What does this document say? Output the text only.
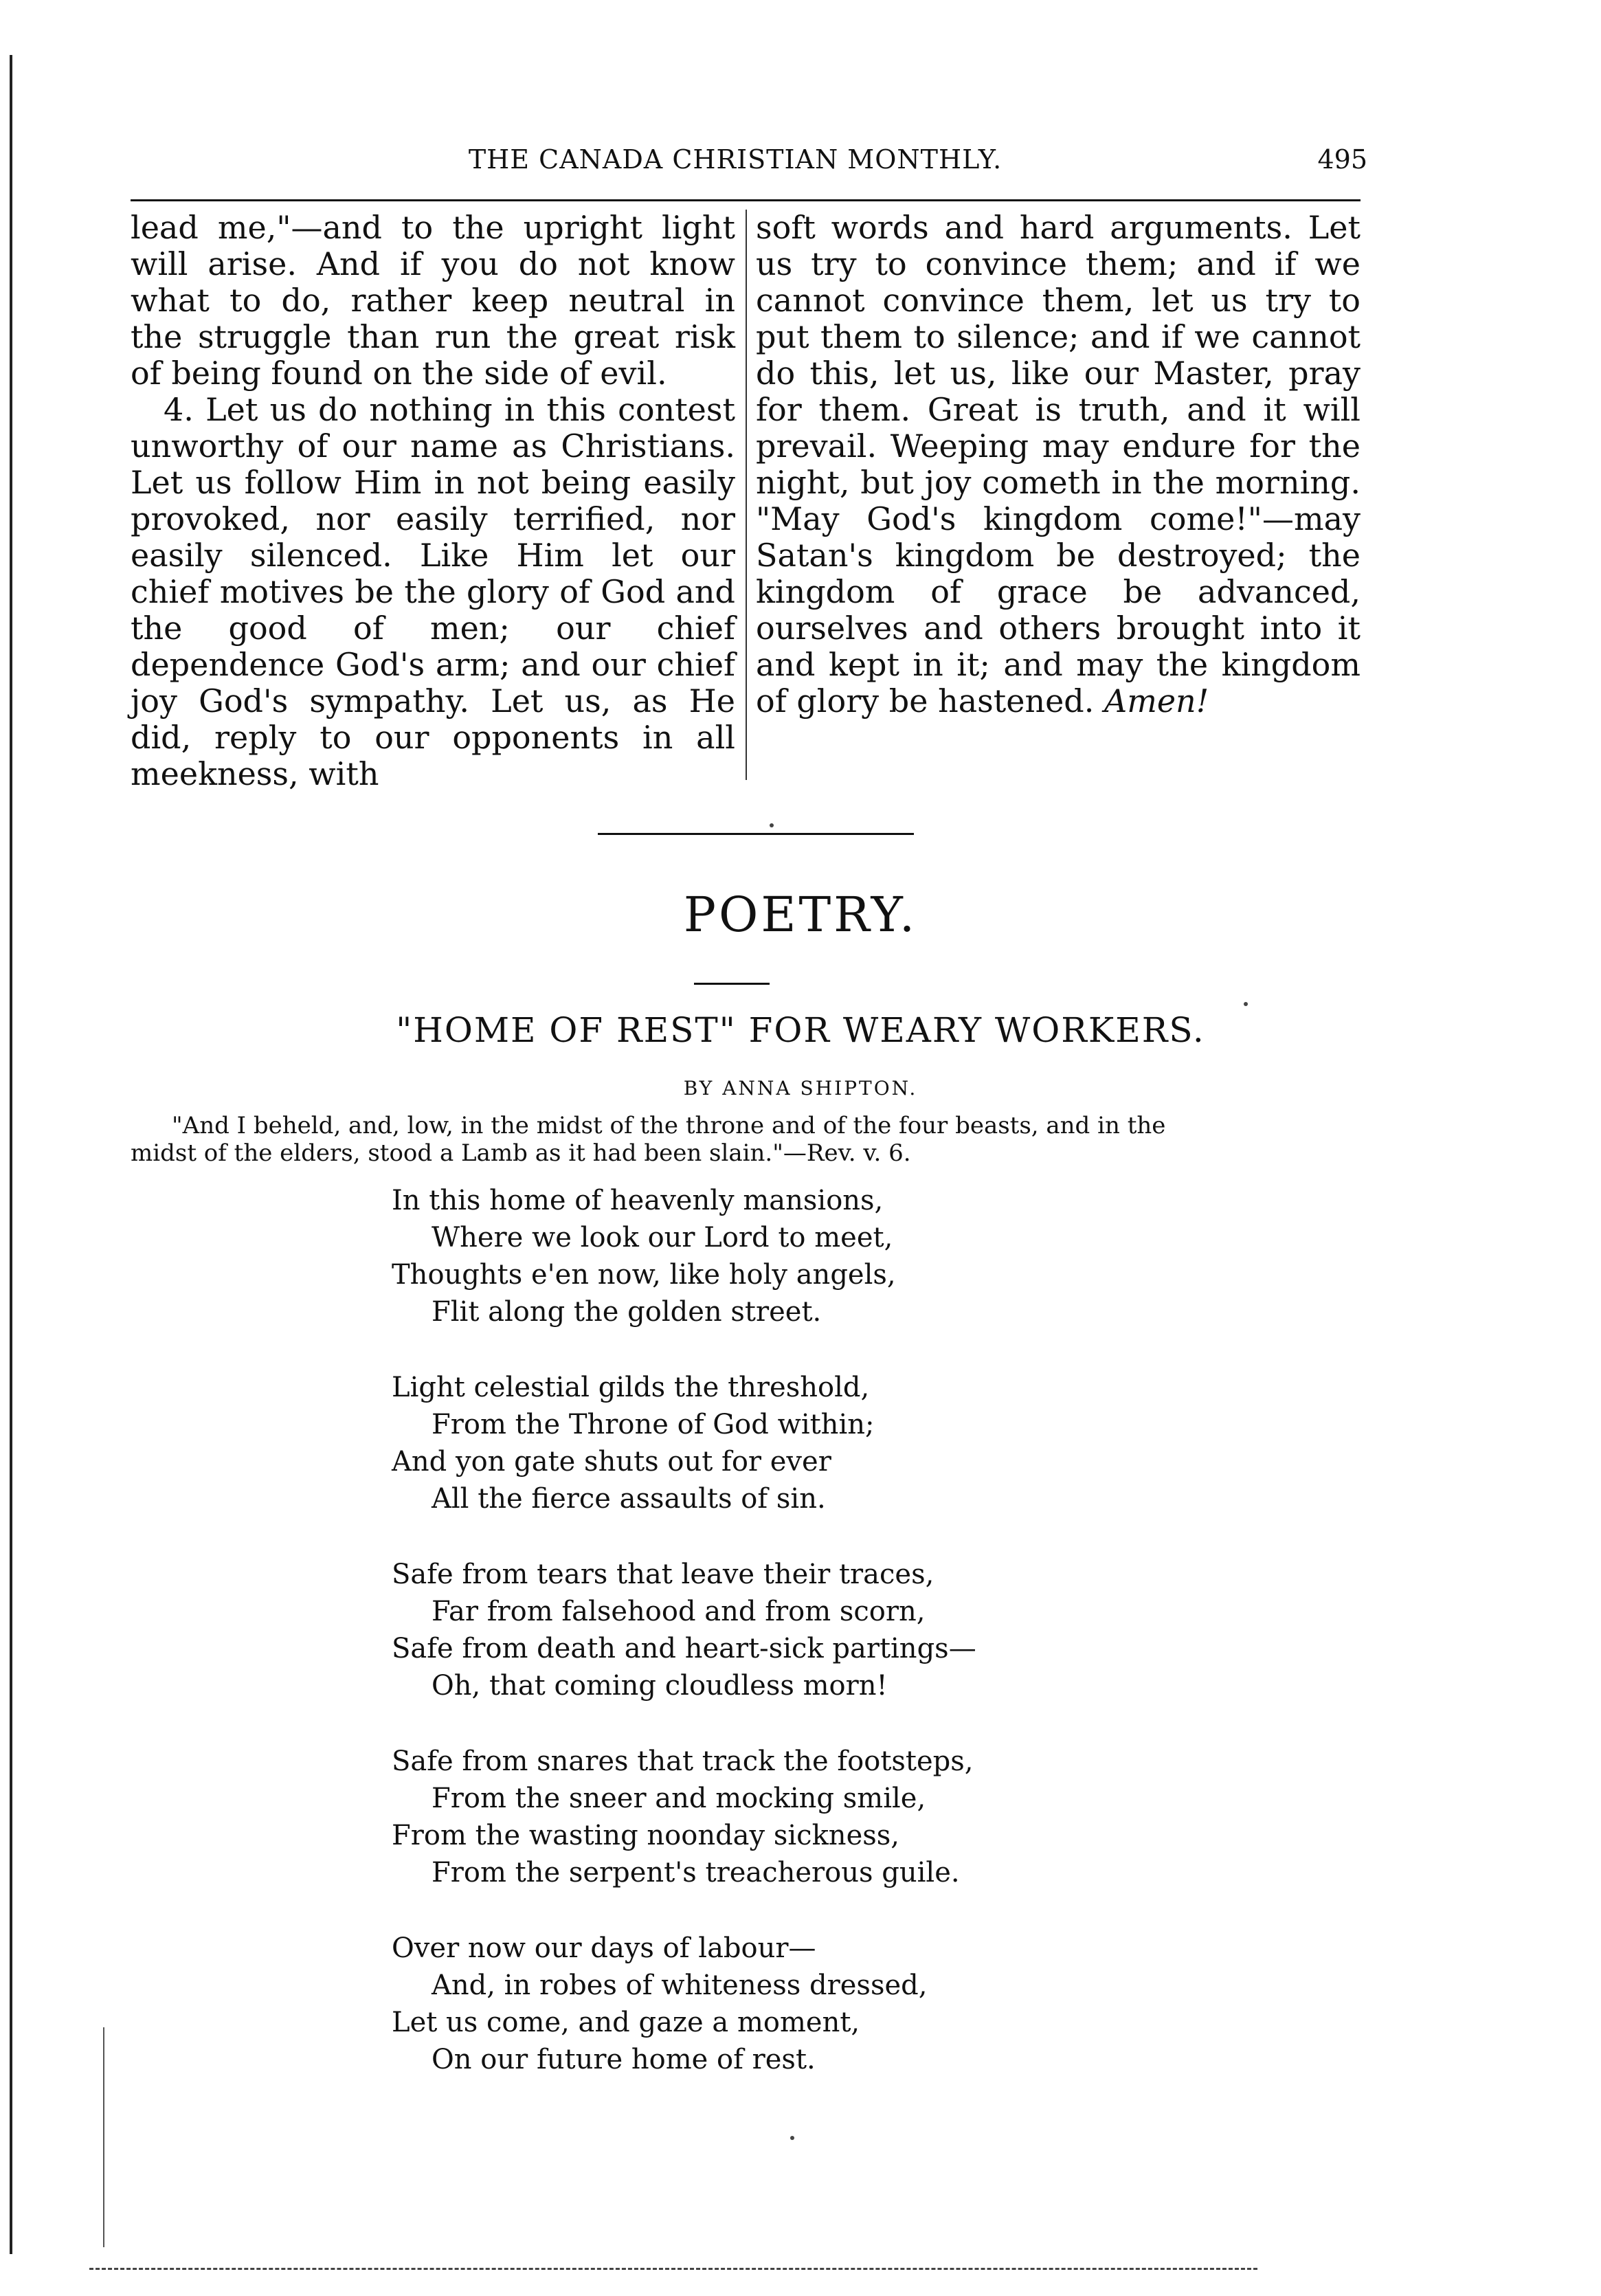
THE CANADA CHRISTIAN MONTHLY.	495

lead me,"—and to the upright light will arise. And if you do not know what to do, rather keep neutral in the struggle than run the great risk of being found on the side of evil.

4. Let us do nothing in this contest unworthy of our name as Christians. Let us follow Him in not being easily provoked, nor easily terrified, nor easily silenced. Like Him let our chief motives be the glory of God and the good of men; our chief dependence God's arm; and our chief joy God's sympathy. Let us, as He did, reply to our opponents in all meekness, with

soft words and hard arguments. Let us try to convince them; and if we cannot convince them, let us try to put them to silence; and if we cannot do this, let us, like our Master, pray for them. Great is truth, and it will prevail. Weeping may endure for the night, but joy cometh in the morning. "May God's kingdom come!"—may Satan's kingdom be destroyed; the kingdom of grace be advanced, ourselves and others brought into it and kept in it; and may the kingdom of glory be hastened. Amen!

POETRY.
"HOME OF REST" FOR WEARY WORKERS.
BY ANNA SHIPTON.
"And I beheld, and, low, in the midst of the throne and of the four beasts, and in the
midst of the elders, stood a Lamb as it had been slain."—Rev. v. 6.
In this home of heavenly mansions,
Where we look our Lord to meet,
Thoughts e'en now, like holy angels,
Flit along the golden street.
Light celestial gilds the threshold,
From the Throne of God within;
And yon gate shuts out for ever
All the fierce assaults of sin.
Safe from tears that leave their traces,
Far from falsehood and from scorn,
Safe from death and heart-sick partings—
Oh, that coming cloudless morn!
Safe from snares that track the footsteps,
From the sneer and mocking smile,
From the wasting noonday sickness,
From the serpent's treacherous guile.
Over now our days of labour—
And, in robes of whiteness dressed,
Let us come, and gaze a moment,
On our future home of rest.
